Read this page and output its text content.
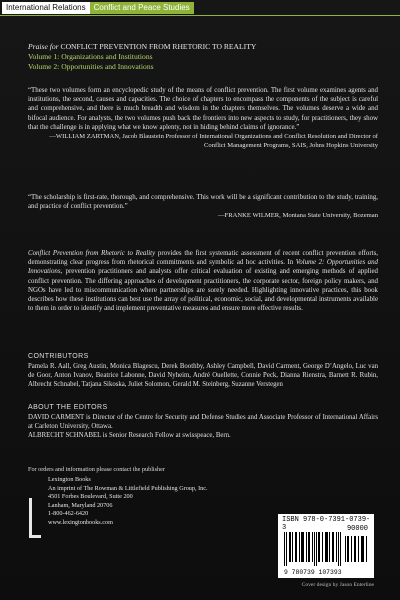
International Relations	Conflict and Peace Studies
Praise for CONFLICT PREVENTION FROM RHETORIC TO REALITY
Volume 1: Organizations and Institutions
Volume 2: Opportunities and Innovations
“These two volumes form an encyclopedic study of the means of conflict prevention. The first volume examines agents and institutions, the second, causes and capacities. The choice of chapters to encompass the components of the subject is careful and comprehensive, and there is much breadth and wisdom in the chapters themselves. The volumes deserve a wide and bifocal audience. For analysts, the two volumes push back the frontiers into new aspects to study, for practitioners, they show that the challenge is in applying what we know aplenty, not in hiding behind claims of ignorance.”
—WILLIAM ZARTMAN, Jacob Blaustein Professor of International Organizations and Conflict Resolution and Director of Conflict Management Programs, SAIS, Johns Hopkins University
“The scholarship is first-rate, thorough, and comprehensive. This work will be a significant contribution to the study, training, and practice of conflict prevention.”
—FRANKE WILMER, Montana State University, Bozeman
Conflict Prevention from Rhetoric to Reality provides the first systematic assessment of recent conflict prevention efforts, demonstrating clear progress from rhetorical commitments and symbolic ad hoc activities. In Volume 2: Opportunities and Innovations, prevention practitioners and analysts offer critical evaluation of existing and emerging methods of applied conflict prevention. The differing approaches of development practitioners, the corporate sector, foreign policy makers, and NGOs have led to miscommunication where partnerships are sorely needed. Highlighting innovative practices, this book describes how these institutions can best use the array of political, economic, social, and developmental instruments available to them in order to identify and implement preventative measures and ensure more effective results.
CONTRIBUTORS
Pamela R. Aall, Greg Austin, Monica Blagescu, Derek Boothby, Ashley Campbell, David Carment, George D’Angelo, Luc van de Goor, Anton Ivanov, Beatrice Labonne, David Nyheim, André Ouellette, Connie Peck, Dianna Rienstra, Barnett R. Rubin, Albrecht Schnabel, Tatjana Sikoska, Juliet Solomon, Gerald M. Steinberg, Suzanne Verstegen
ABOUT THE EDITORS
DAVID CARMENT is Director of the Centre for Security and Defense Studies and Associate Professor of International Affairs at Carleton University, Ottawa.
ALBRECHT SCHNABEL is Senior Research Fellow at swisspeace, Bern.
For orders and information please contact the publisher
Lexington Books
An imprint of The Rowman & Littlefield Publishing Group, Inc.
4501 Forbes Boulevard, Suite 200
Lanham, Maryland 20706
1-800-462-6420
www.lexingtonbooks.com	ISBN 978-0-7391-0739-3	90000
9 780739 107393
Cover design by Jason Enterline
